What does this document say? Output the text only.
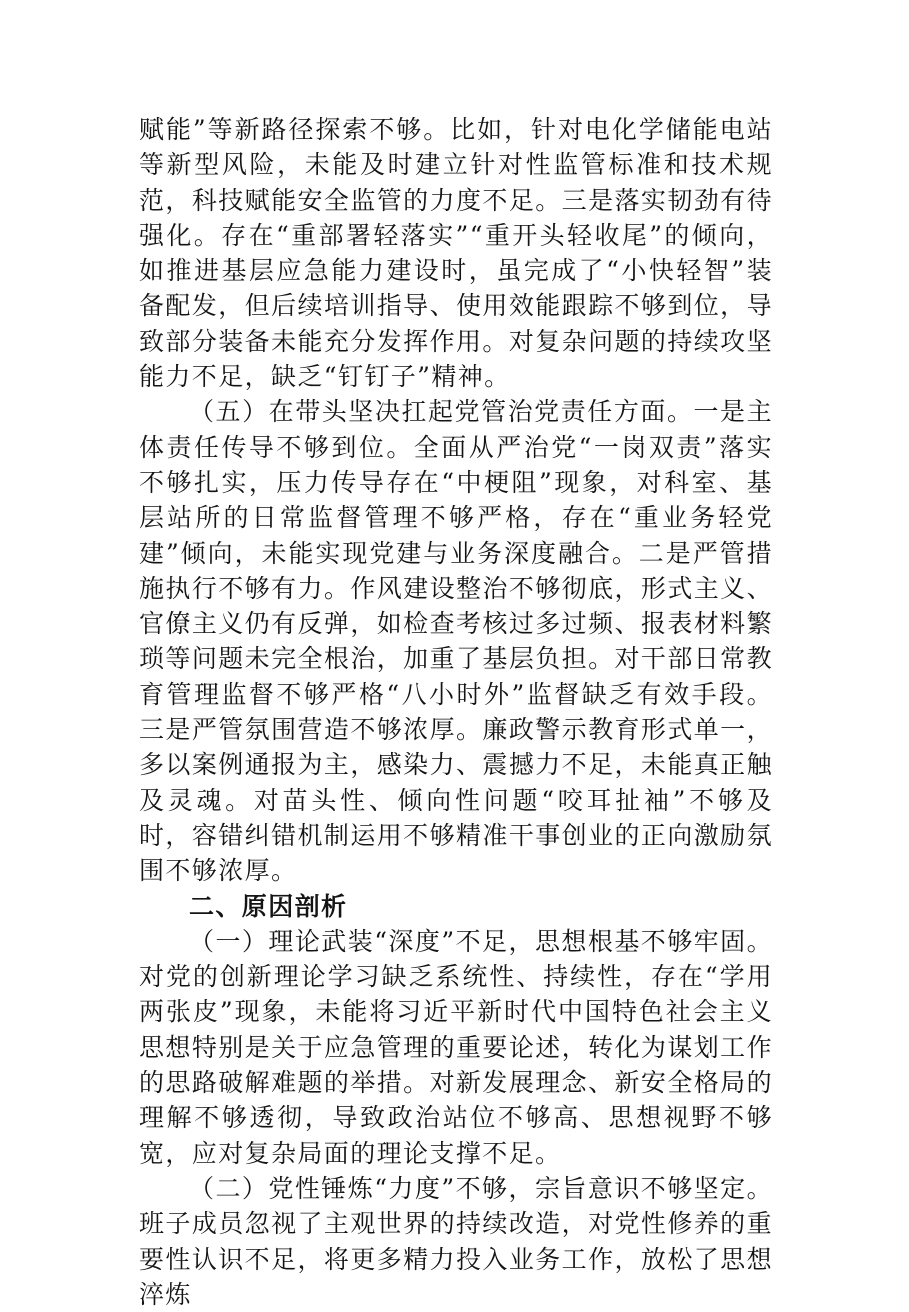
赋能”等新路径探索不够。比如，针对电化学储能电站等新型风险，未能及时建立针对性监管标准和技术规范，科技赋能安全监管的力度不足。三是落实韧劲有待强化。存在“重部署轻落实”“重开头轻收尾”的倾向，如推进基层应急能力建设时，虽完成了“小快轻智”装备配发，但后续培训指导、使用效能跟踪不够到位，导致部分装备未能充分发挥作用。对复杂问题的持续攻坚能力不足，缺乏“钉钉子”精神。

（五）在带头坚决扛起党管治党责任方面。一是主体责任传导不够到位。全面从严治党“一岗双责”落实不够扎实，压力传导存在“中梗阻”现象，对科室、基层站所的日常监督管理不够严格，存在“重业务轻党建”倾向，未能实现党建与业务深度融合。二是严管措施执行不够有力。作风建设整治不够彻底，形式主义、官僚主义仍有反弹，如检查考核过多过频、报表材料繁琐等问题未完全根治，加重了基层负担。对干部日常教育管理监督不够严格“八小时外”监督缺乏有效手段。三是严管氛围营造不够浓厚。廉政警示教育形式单一，多以案例通报为主，感染力、震撼力不足，未能真正触及灵魂。对苗头性、倾向性问题“咬耳扯袖”不够及时，容错纠错机制运用不够精准干事创业的正向激励氛围不够浓厚。

二、原因剖析

（一）理论武装“深度”不足，思想根基不够牢固。对党的创新理论学习缺乏系统性、持续性，存在“学用两张皮”现象，未能将习近平新时代中国特色社会主义思想特别是关于应急管理的重要论述，转化为谋划工作的思路破解难题的举措。对新发展理念、新安全格局的理解不够透彻，导致政治站位不够高、思想视野不够宽，应对复杂局面的理论支撑不足。

（二）党性锤炼“力度”不够，宗旨意识不够坚定。班子成员忽视了主观世界的持续改造，对党性修养的重要性认识不足，将更多精力投入业务工作，放松了思想淬炼
